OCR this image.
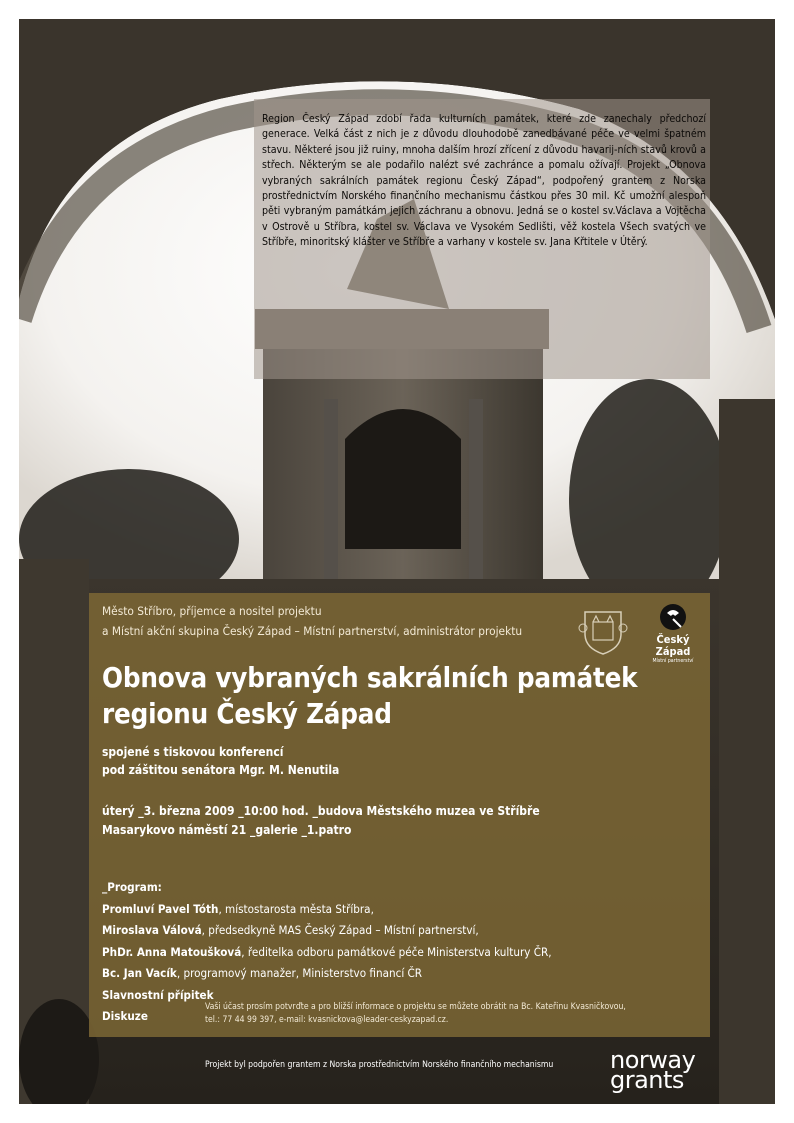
Region Český Západ zdobí řada kulturních památek, které zde zanechaly předchozí generace. Velká část z nich je z důvodu dlouhodobě zanedbávané péče ve velmi špatném stavu. Některé jsou již ruiny, mnoha dalším hrozí zřícení z důvodu havarij-ních stavů krovů a střech. Některým se ale podařilo nalézt své zachránce a pomalu ožívají. Projekt „Obnova vybraných sakrálních památek regionu Český Západ“, podpořený grantem z Norska prostřednictvím Norského finančního mechanismu částkou přes 30 mil. Kč umožní alespoň pěti vybraným památkám jejich záchranu a obnovu. Jedná se o kostel sv.Václava a Vojtěcha v Ostrově u Stříbra, kostel sv. Václava ve Vysokém Sedlišti, věž kostela Všech svatých ve Stříbře, minoritský klášter ve Stříbře a varhany v kostele sv. Jana Křtitele v Útěrý.
Město Stříbro, příjemce a nositel projektu
a Místní akční skupina Český Západ – Místní partnerství, administrátor projektu
Český Západ
Místní partnerství
Obnova vybraných sakrálních památek
regionu Český Západ
spojené s tiskovou konferencí
pod záštitou senátora Mgr. M. Nenutila
úterý _3. března 2009 _10:00 hod. _budova Městského muzea ve Stříbře
Masarykovo náměstí 21 _galerie _1.patro
_Program:
Promluví Pavel Tóth, místostarosta města Stříbra,
Miroslava Válová, předsedkyně MAS Český Západ – Místní partnerství,
PhDr. Anna Matoušková, ředitelka odboru památkové péče Ministerstva kultury ČR,
Bc. Jan Vacík, programový manažer, Ministerstvo financí ČR
Slavnostní přípitek
Diskuze
Vaši účast prosím potvrďte a pro bližší informace o projektu se můžete obrátit na Bc. Kateřinu Kvasničkovou,
tel.: 77 44 99 397, e-mail: kvasnickova@leader-ceskyzapad.cz.
Projekt byl podpořen grantem z Norska prostřednictvím Norského finančního mechanismu norway
grants
